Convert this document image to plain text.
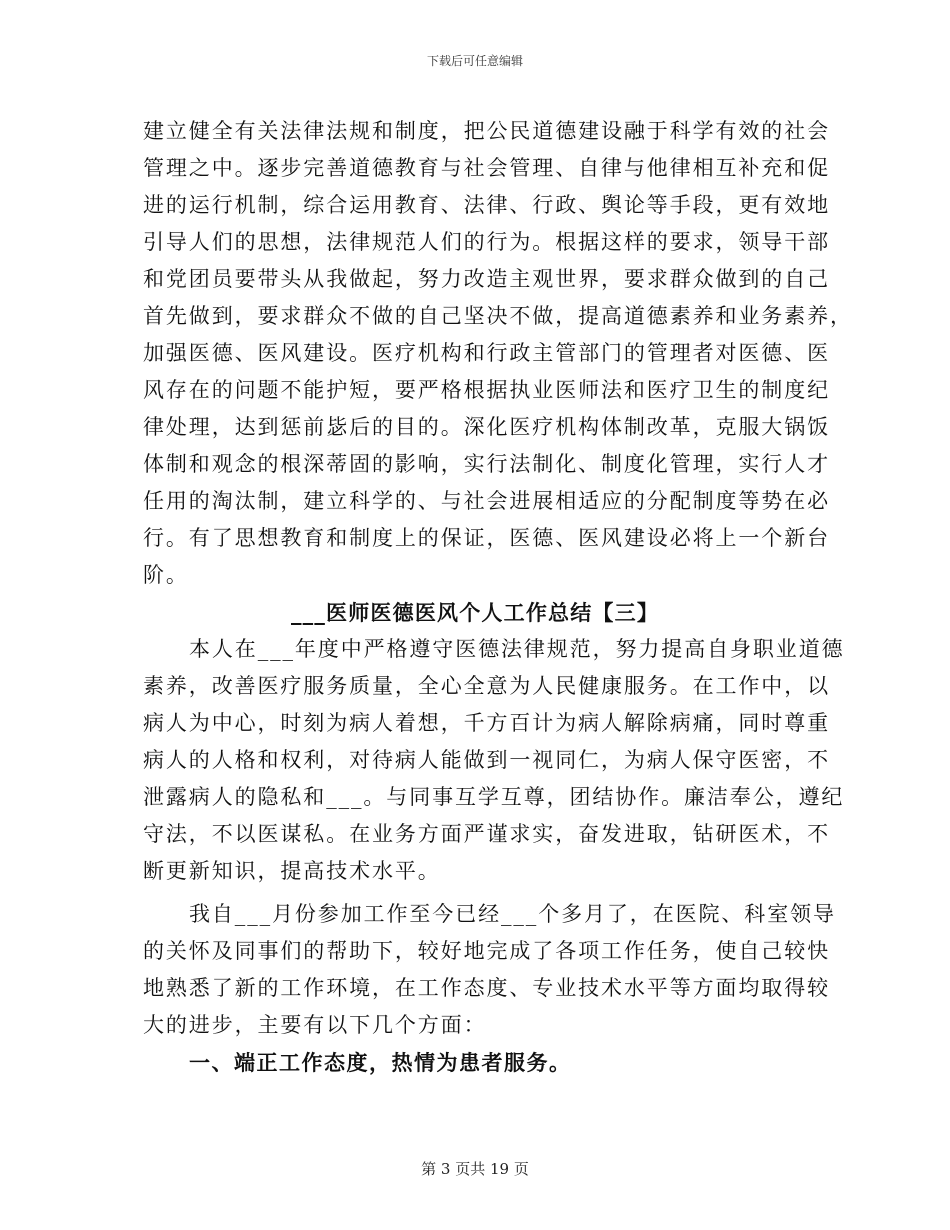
下载后可任意编辑
建立健全有关法律法规和制度，把公民道德建设融于科学有效的社会
管理之中。逐步完善道德教育与社会管理、自律与他律相互补充和促
进的运行机制，综合运用教育、法律、行政、舆论等手段，更有效地
引导人们的思想，法律规范人们的行为。根据这样的要求，领导干部
和党团员要带头从我做起，努力改造主观世界，要求群众做到的自己
首先做到，要求群众不做的自己坚决不做，提高道德素养和业务素养，
加强医德、医风建设。医疗机构和行政主管部门的管理者对医德、医
风存在的问题不能护短，要严格根据执业医师法和医疗卫生的制度纪
律处理，达到惩前毖后的目的。深化医疗机构体制改革，克服大锅饭
体制和观念的根深蒂固的影响，实行法制化、制度化管理，实行人才
任用的淘汰制，建立科学的、与社会进展相适应的分配制度等势在必
行。有了思想教育和制度上的保证，医德、医风建设必将上一个新台
阶。
___医师医德医风个人工作总结【三】
本人在___年度中严格遵守医德法律规范，努力提高自身职业道德
素养，改善医疗服务质量，全心全意为人民健康服务。在工作中，以
病人为中心，时刻为病人着想，千方百计为病人解除病痛，同时尊重
病人的人格和权利，对待病人能做到一视同仁，为病人保守医密，不
泄露病人的隐私和___。与同事互学互尊，团结协作。廉洁奉公，遵纪
守法，不以医谋私。在业务方面严谨求实，奋发进取，钻研医术，不
断更新知识，提高技术水平。
我自___月份参加工作至今已经___个多月了，在医院、科室领导
的关怀及同事们的帮助下，较好地完成了各项工作任务，使自己较快
地熟悉了新的工作环境，在工作态度、专业技术水平等方面均取得较
大的进步，主要有以下几个方面：
一、端正工作态度，热情为患者服务。
第 3 页共 19 页
